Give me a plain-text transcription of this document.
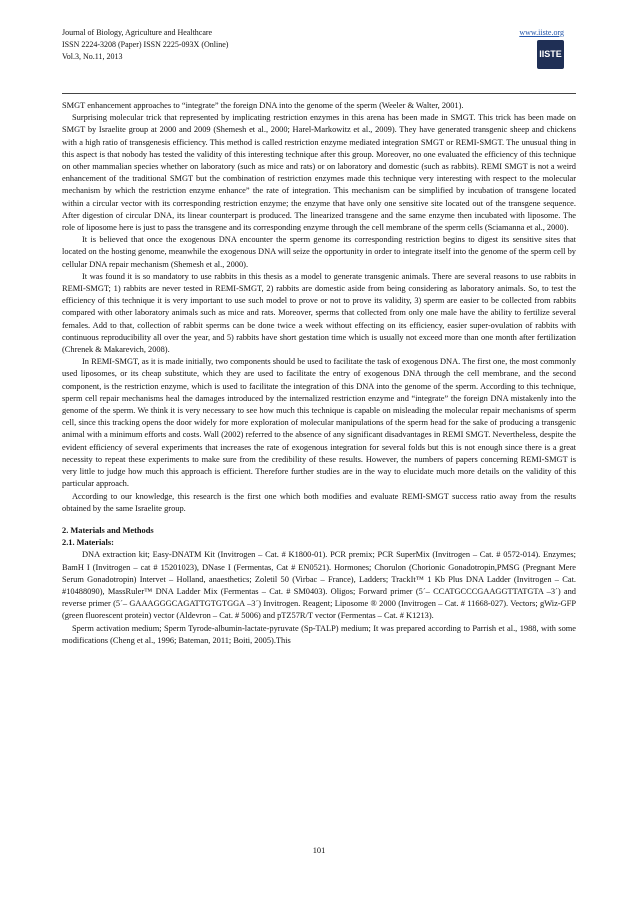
Journal of Biology, Agriculture and Healthcare
ISSN 2224-3208 (Paper) ISSN 2225-093X (Online)
Vol.3, No.11, 2013
www.iiste.org
IISTE

SMGT enhancement approaches to “integrate” the foreign DNA into the genome of the sperm (Weeler & Walter, 2001).

Surprising molecular trick that represented by implicating restriction enzymes in this arena has been made in SMGT. This trick has been made on SMGT by Israelite group at 2000 and 2009 (Shemesh et al., 2000; Harel-Markowitz et al., 2009). They have generated transgenic sheep and chickens with a high ratio of transgenesis efficiency. This method is called restriction enzyme mediated integration SMGT or REMI-SMGT. The unusual thing in this aspect is that nobody has tested the validity of this interesting technique after this group. Moreover, no one evaluated the efficiency of this technique on other mammalian species whether on laboratory (such as mice and rats) or on laboratory and domestic (such as rabbits). REMI SMGT is not a weird enhancement of the traditional SMGT but the combination of restriction enzymes made this technique very interesting with respect to the molecular mechanism by which the restriction enzyme enhance” the rate of integration. This mechanism can be simplified by incubation of transgene located within a circular vector with its corresponding restriction enzyme; the enzyme that have only one sensitive site located out of the transgene sequence. After digestion of circular DNA, its linear counterpart is produced. The linearized transgene and the same enzyme then incubated with liposome. The role of liposome here is just to pass the transgene and its corresponding enzyme through the cell membrane of the sperm cells (Sciamanna et al., 2000).

It is believed that once the exogenous DNA encounter the sperm genome its corresponding restriction begins to digest its sensitive sites that located on the hosting genome, meanwhile the exogenous DNA will seize the opportunity in order to integrate itself into the genome of the sperm cell by cellular DNA repair mechanism (Shemesh et al., 2000).

It was found it is so mandatory to use rabbits in this thesis as a model to generate transgenic animals. There are several reasons to use rabbits in REMI-SMGT; 1) rabbits are never tested in REMI-SMGT, 2) rabbits are domestic aside from being considering as laboratory animals. So, to test the efficiency of this technique it is very important to use such model to prove or not to prove its validity, 3) sperm are easier to be collected from rabbits compared with other laboratory animals such as mice and rats. Moreover, sperms that collected from only one male have the ability to fertilize several females. Add to that, collection of rabbit sperms can be done twice a week without effecting on its efficiency, easier super-ovulation of rabbits with continuous reproducibility all over the year, and 5) rabbits have short gestation time which is usually not exceed more than one month after fertilization (Chrenek & Makarevich, 2008).

In REMI-SMGT, as it is made initially, two components should be used to facilitate the task of exogenous DNA. The first one, the most commonly used liposomes, or its cheap substitute, which they are used to facilitate the entry of exogenous DNA through the cell membrane, and the second component, is the restriction enzyme, which is used to facilitate the integration of this DNA into the genome of the sperm. According to this technique, sperm cell repair mechanisms heal the damages introduced by the internalized restriction enzyme and “integrate” the foreign DNA mistakenly into the genome of the sperm. We think it is very necessary to see how much this technique is capable on misleading the molecular repair mechanisms of sperm cell, since this tracking opens the door widely for more exploration of molecular manipulations of the sperm head for the sake of producing a transgenic animal with a minimum efforts and costs. Wall (2002) referred to the absence of any significant disadvantages in REMI SMGT. Nevertheless, despite the evident efficiency of several experiments that increases the rate of exogenous integration for several folds but this is not enough since there is a great necessity to repeat these experiments to make sure from the credibility of these results. However, the numbers of papers concerning REMI-SMGT is very little to judge how much this approach is efficient. Therefore further studies are in the way to elucidate much more details on the validity of this particular approach.

According to our knowledge, this research is the first one which both modifies and evaluate REMI-SMGT success ratio away from the results obtained by the same Israelite group.

2. Materials and Methods

2.1. Materials:

DNA extraction kit; Easy-DNATM Kit (Invitrogen – Cat. # K1800-01). PCR premix; PCR SuperMix (Invitrogen – Cat. # 0572-014). Enzymes; BamH I (Invitrogen – cat # 15201023), DNase I (Fermentas, Cat # EN0521). Hormones; Chorulon (Chorionic Gonadotropin,PMSG (Pregnant Mere Serum Gonadotropin) Intervet – Holland, anaesthetics; Zoletil 50 (Virbac – France), Ladders; TrackIt™ 1 Kb Plus DNA Ladder (Invitrogen – Cat. #10488090), MassRuler™ DNA Ladder Mix (Fermentas – Cat. # SM0403). Oligos; Forward primer (5´– CCATGCCCGAAGGTTATGTA –3´) and reverse primer (5´– GAAAGGGCAGATTGTGTGGA –3´) Invitrogen. Reagent; Liposome ® 2000 (Invitrogen – Cat. # 11668-027). Vectors; gWiz-GFP (green fluorescent protein) vector (Aldevron – Cat. # 5006) and pTZ57R/T vector (Fermentas – Cat. # K1213).

Sperm activation medium; Sperm Tyrode-albumin-lactate-pyruvate (Sp-TALP) medium; It was prepared according to Parrish et al., 1988, with some modifications (Cheng et al., 1996; Bateman, 2011; Boiti, 2005).This

101
